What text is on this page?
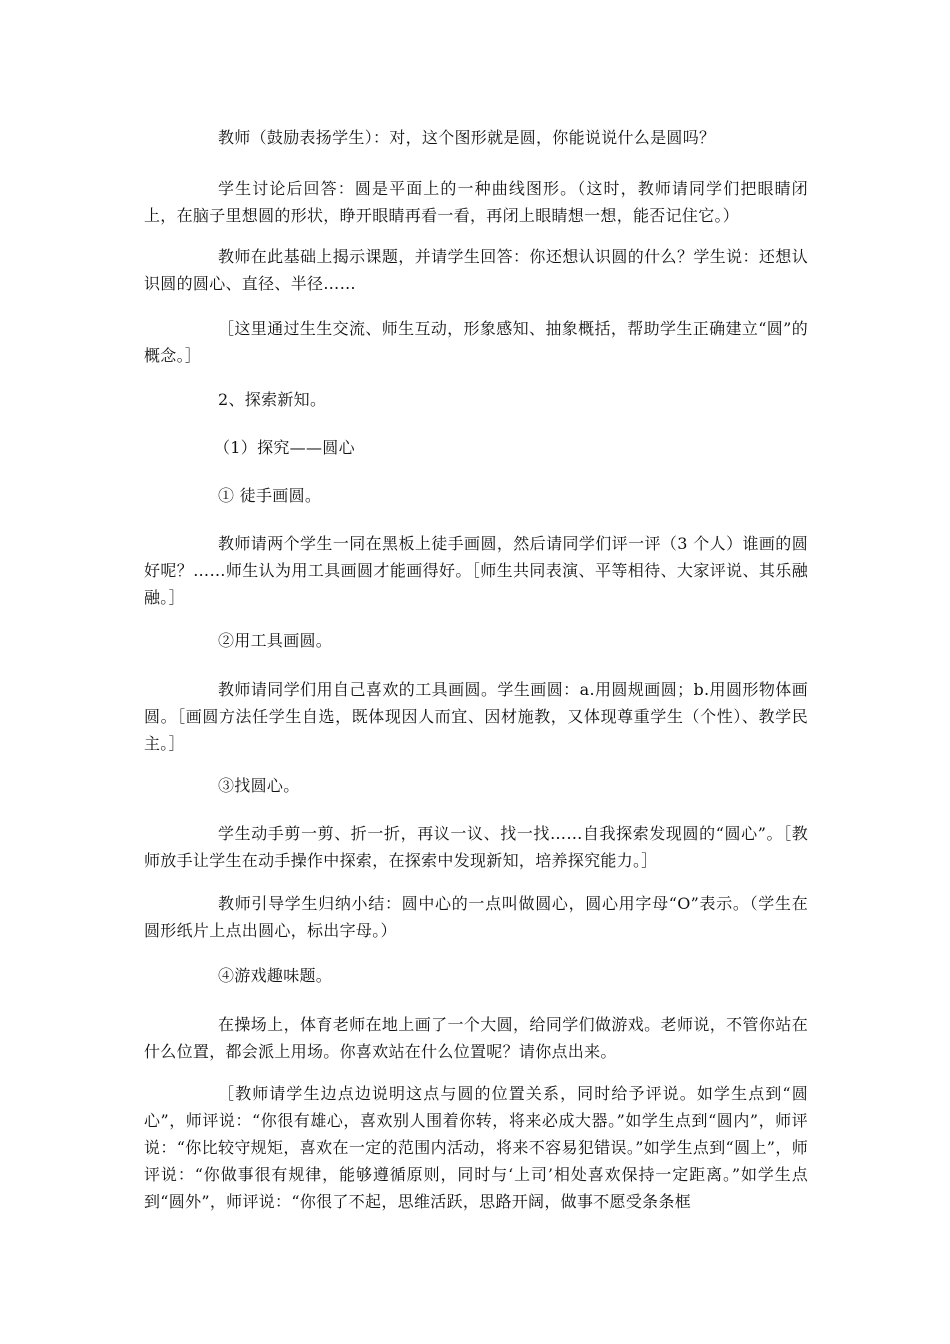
教师（鼓励表扬学生）：对，这个图形就是圆，你能说说什么是圆吗？

学生讨论后回答：圆是平面上的一种曲线图形。（这时，教师请同学们把眼睛闭上，在脑子里想圆的形状，睁开眼睛再看一看，再闭上眼睛想一想，能否记住它。）

教师在此基础上揭示课题，并请学生回答：你还想认识圆的什么？学生说：还想认识圆的圆心、直径、半径……

［这里通过生生交流、师生互动，形象感知、抽象概括，帮助学生正确建立“圆”的概念。］

2、探索新知。

（1）探究——圆心

① 徒手画圆。

教师请两个学生一同在黑板上徒手画圆，然后请同学们评一评（3 个人）谁画的圆好呢？……师生认为用工具画圆才能画得好。［师生共同表演、平等相待、大家评说、其乐融融。］

②用工具画圆。

教师请同学们用自己喜欢的工具画圆。学生画圆：a.用圆规画圆；b.用圆形物体画圆。［画圆方法任学生自选，既体现因人而宜、因材施教，又体现尊重学生（个性）、教学民主。］

③找圆心。

学生动手剪一剪、折一折，再议一议、找一找……自我探索发现圆的“圆心”。［教师放手让学生在动手操作中探索，在探索中发现新知，培养探究能力。］

教师引导学生归纳小结：圆中心的一点叫做圆心，圆心用字母“O”表示。（学生在圆形纸片上点出圆心，标出字母。）

④游戏趣味题。

在操场上，体育老师在地上画了一个大圆，给同学们做游戏。老师说，不管你站在什么位置，都会派上用场。你喜欢站在什么位置呢？请你点出来。

［教师请学生边点边说明这点与圆的位置关系，同时给予评说。如学生点到“圆心”，师评说：“你很有雄心，喜欢别人围着你转，将来必成大器。”如学生点到“圆内”，师评说：“你比较守规矩，喜欢在一定的范围内活动，将来不容易犯错误。”如学生点到“圆上”，师评说：“你做事很有规律，能够遵循原则，同时与‘上司’相处喜欢保持一定距离。”如学生点到“圆外”，师评说：“你很了不起，思维活跃，思路开阔，做事不愿受条条框
